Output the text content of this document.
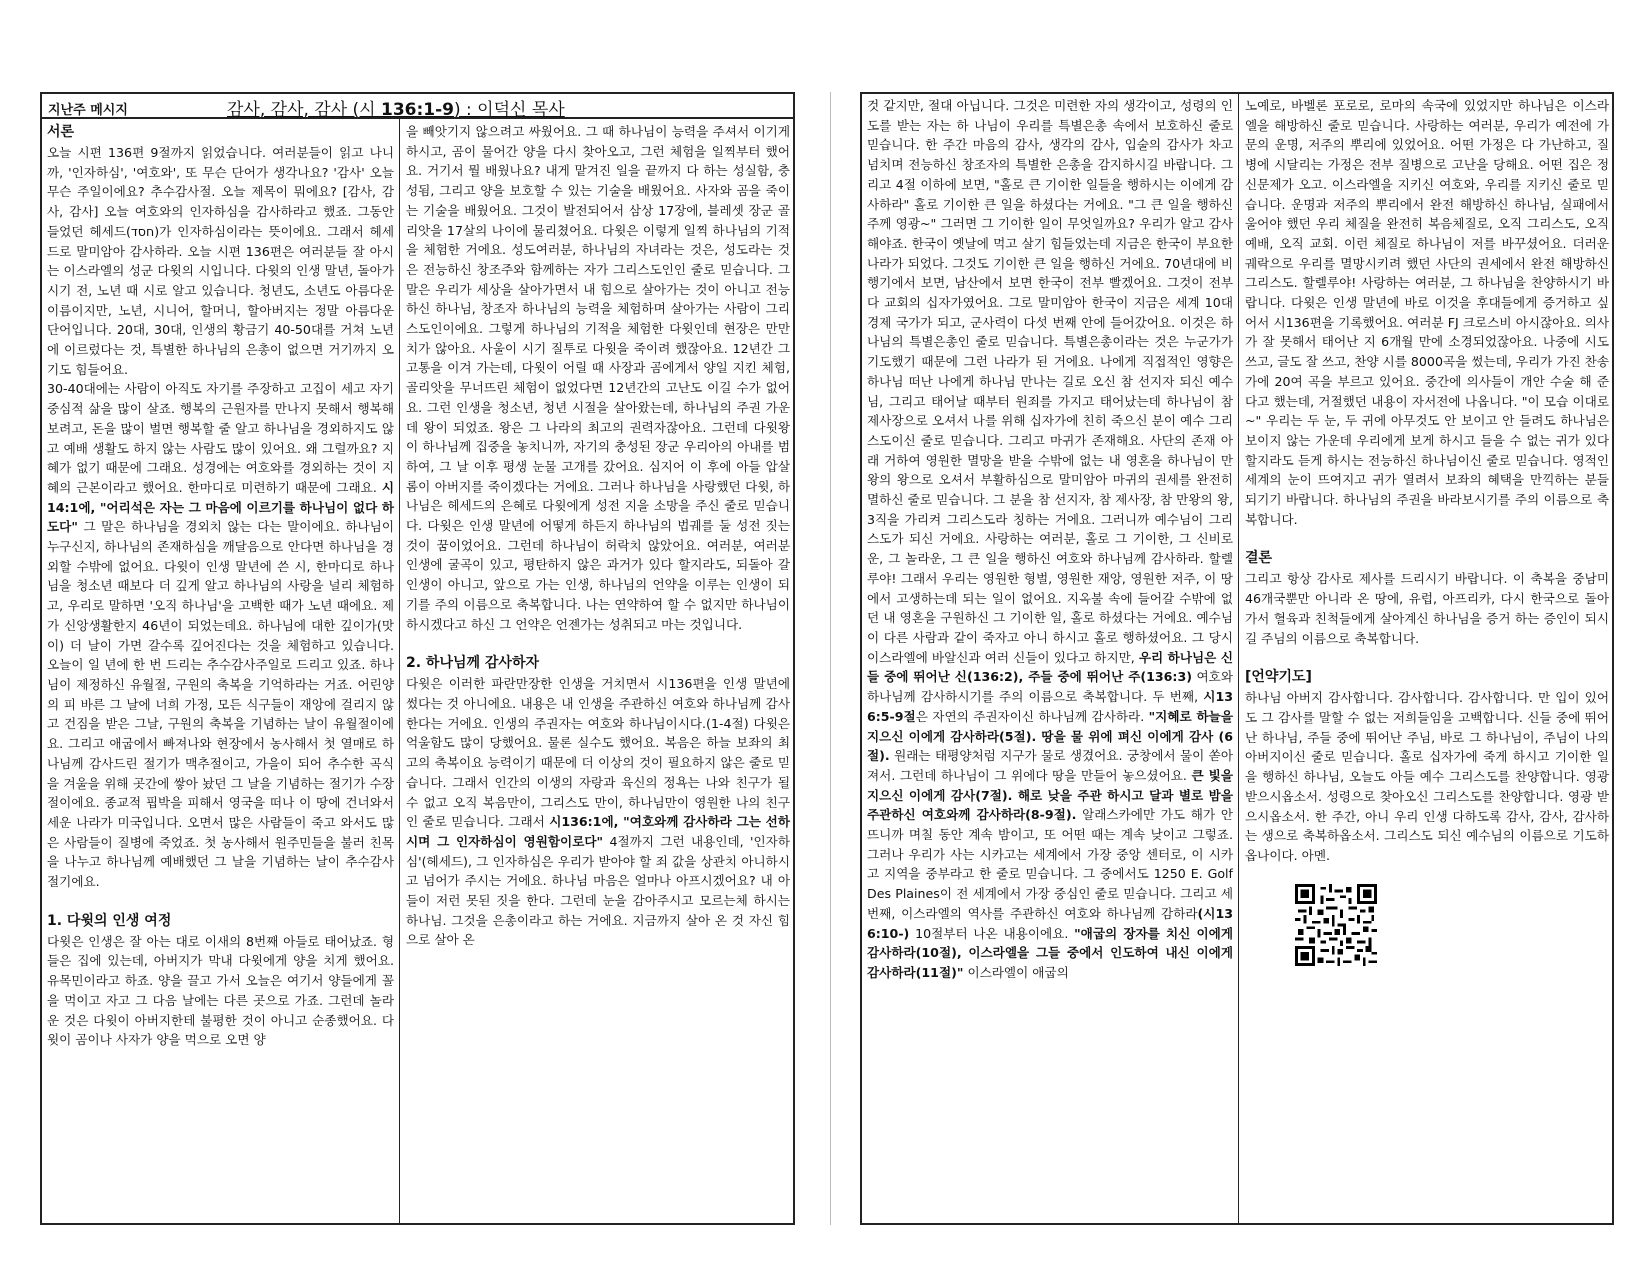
지난주 메시지	감사, 감사, 감사 (시 136:1-9) : 이덕신 목사
서론

오늘 시편 136편 9절까지 읽었습니다. 여러분들이 읽고 나니까, '인자하심', '여호와', 또 무슨 단어가 생각나요? '감사' 오늘 무슨 주일이에요? 추수감사절. 오늘 제목이 뭐에요? [감사, 감사, 감사] 오늘 여호와의 인자하심을 감사하라고 했죠. 그동안 들었던 헤세드(חסד)가 인자하심이라는 뜻이에요. 그래서 헤세드로 말미암아 감사하라. 오늘 시편 136편은 여러분들 잘 아시는 이스라엘의 성군 다윗의 시입니다. 다윗의 인생 말년, 돌아가시기 전, 노년 때 시로 알고 있습니다. 청년도, 소년도 아름다운 이름이지만, 노년, 시니어, 할머니, 할아버지는 정말 아름다운 단어입니다. 20대, 30대, 인생의 황금기 40-50대를 거쳐 노년에 이르렀다는 것, 특별한 하나님의 은총이 없으면 거기까지 오기도 힘들어요.

30-40대에는 사람이 아직도 자기를 주장하고 고집이 세고 자기중심적 삶을 많이 살죠. 행복의 근원자를 만나지 못해서 행복해 보려고, 돈을 많이 벌면 행복할 줄 알고 하나님을 경외하지도 않고 예배 생활도 하지 않는 사람도 많이 있어요. 왜 그럴까요? 지혜가 없기 때문에 그래요. 성경에는 여호와를 경외하는 것이 지혜의 근본이라고 했어요. 한마디로 미련하기 때문에 그래요. 시14:1에, "어리석은 자는 그 마음에 이르기를 하나님이 없다 하도다" 그 말은 하나님을 경외치 않는 다는 말이에요. 하나님이 누구신지, 하나님의 존재하심을 깨달음으로 안다면 하나님을 경외할 수밖에 없어요. 다윗이 인생 말년에 쓴 시, 한마디로 하나님을 청소년 때보다 더 깊게 알고 하나님의 사랑을 널리 체험하고, 우리로 말하면 '오직 하나님'을 고백한 때가 노년 때에요. 제가 신앙생활한지 46년이 되었는데요. 하나님에 대한 깊이가(맛이) 더 날이 가면 갈수록 깊어진다는 것을 체험하고 있습니다. 오늘이 일 년에 한 번 드리는 추수감사주일로 드리고 있죠. 하나님이 제정하신 유월절, 구원의 축복을 기억하라는 거죠. 어린양의 피 바른 그 날에 너희 가정, 모든 식구들이 재앙에 걸리지 않고 건짐을 받은 그날, 구원의 축복을 기념하는 날이 유월절이에요. 그리고 애굽에서 빠져나와 현장에서 농사해서 첫 열매로 하나님께 감사드린 절기가 맥추절이고, 가을이 되어 추수한 곡식을 겨울을 위해 곳간에 쌓아 놨던 그 날을 기념하는 절기가 수장절이에요. 종교적 핍박을 피해서 영국을 떠나 이 땅에 건너와서 세운 나라가 미국입니다. 오면서 많은 사람들이 죽고 와서도 많은 사람들이 질병에 죽었죠. 첫 농사해서 원주민들을 불러 친목을 나누고 하나님께 예배했던 그 날을 기념하는 날이 추수감사 절기에요.

1. 다윗의 인생 여정

다윗은 인생은 잘 아는 대로 이새의 8번째 아들로 태어났죠. 형들은 집에 있는데, 아버지가 막내 다윗에게 양을 치게 했어요. 유목민이라고 하죠. 양을 끌고 가서 오늘은 여기서 양들에게 꼴을 먹이고 자고 그 다음 날에는 다른 곳으로 가죠. 그런데 놀라운 것은 다윗이 아버지한테 불평한 것이 아니고 순종했어요. 다윗이 곰이나 사자가 양을 먹으로 오면 양

을 빼앗기지 않으려고 싸웠어요. 그 때 하나님이 능력을 주셔서 이기게 하시고, 곰이 물어간 양을 다시 찾아오고, 그런 체험을 일찍부터 했어요. 거기서 뭘 배웠나요? 내게 맡겨진 일을 끝까지 다 하는 성실함, 충성됨, 그리고 양을 보호할 수 있는 기술을 배웠어요. 사자와 곰을 죽이는 기술을 배웠어요. 그것이 발전되어서 삼상 17장에, 블레셋 장군 골리앗을 17살의 나이에 물리쳤어요. 다윗은 이렇게 일찍 하나님의 기적을 체험한 거에요. 성도여러분, 하나님의 자녀라는 것은, 성도라는 것은 전능하신 창조주와 함께하는 자가 그리스도인인 줄로 믿습니다. 그 말은 우리가 세상을 살아가면서 내 힘으로 살아가는 것이 아니고 전능하신 하나님, 창조자 하나님의 능력을 체험하며 살아가는 사람이 그리스도인이에요. 그렇게 하나님의 기적을 체험한 다윗인데 현장은 만만치가 않아요. 사울이 시기 질투로 다윗을 죽이려 했잖아요. 12년간 그 고통을 이겨 가는데, 다윗이 어릴 때 사장과 곰에게서 양일 지킨 체험, 골리앗을 무너뜨린 체험이 없었다면 12년간의 고난도 이길 수가 없어요. 그런 인생을 청소년, 청년 시절을 살아왔는데, 하나님의 주권 가운데 왕이 되었죠. 왕은 그 나라의 최고의 권력자잖아요. 그런데 다윗왕이 하나님께 집중을 놓치니까, 자기의 충성된 장군 우리아의 아내를 범하여, 그 날 이후 평생 눈물 고개를 갔어요. 심지어 이 후에 아들 압살롬이 아버지를 죽이겠다는 거에요. 그러나 하나님을 사랑했던 다윗, 하나님은 헤세드의 은혜로 다윗에게 성전 지을 소망을 주신 줄로 믿습니다. 다윗은 인생 말년에 어떻게 하든지 하나님의 법궤를 둘 성전 짓는 것이 꿈이었어요. 그런데 하나님이 허락치 않았어요. 여러분, 여러분 인생에 굴곡이 있고, 평탄하지 않은 과거가 있다 할지라도, 되돌아 갈 인생이 아니고, 앞으로 가는 인생, 하나님의 언약을 이루는 인생이 되기를 주의 이름으로 축복합니다. 나는 연약하여 할 수 없지만 하나님이 하시겠다고 하신 그 언약은 언젠가는 성취되고 마는 것입니다.

2. 하나님께 감사하자

다윗은 이러한 파란만장한 인생을 거치면서 시136편을 인생 말년에 썼다는 것 아니에요. 내용은 내 인생을 주관하신 여호와 하나님께 감사한다는 거에요. 인생의 주권자는 여호와 하나님이시다.(1-4절) 다윗은 억울함도 많이 당했어요. 물론 실수도 했어요. 복음은 하늘 보좌의 최고의 축복이요 능력이기 때문에 더 이상의 것이 필요하지 않은 줄로 믿습니다. 그래서 인간의 이생의 자랑과 육신의 정욕는 나와 친구가 될 수 없고 오직 복음만이, 그리스도 만이, 하나님만이 영원한 나의 친구인 줄로 믿습니다. 그래서 시136:1에, "여호와께 감사하라 그는 선하시며 그 인자하심이 영원함이로다" 4절까지 그런 내용인데, '인자하심'(헤세드), 그 인자하심은 우리가 받아야 할 죄 값을 상관치 아니하시고 넘어가 주시는 거에요. 하나님 마음은 얼마나 아프시겠어요? 내 아들이 저런 못된 짓을 한다. 그런데 눈을 감아주시고 모르는체 하시는 하나님. 그것을 은총이라고 하는 거에요. 지금까지 살아 온 것 자신 힘으로 살아 온

것 같지만, 절대 아닙니다. 그것은 미련한 자의 생각이고, 성령의 인도를 받는 자는 하 나님이 우리를 특별은총 속에서 보호하신 줄로 믿습니다. 한 주간 마음의 감사, 생각의 감사, 입술의 감사가 차고 넘치며 전능하신 창조자의 특별한 은총을 감지하시길 바랍니다. 그리고 4절 이하에 보면, "홀로 큰 기이한 일들을 행하시는 이에게 감사하라" 홀로 기이한 큰 일을 하셨다는 거에요. "그 큰 일을 행하신 주께 영광~" 그러면 그 기이한 일이 무엇일까요? 우리가 알고 감사해야죠. 한국이 옛날에 먹고 살기 힘들었는데 지금은 한국이 부요한 나라가 되었다. 그것도 기이한 큰 일을 행하신 거에요. 70년대에 비행기에서 보면, 남산에서 보면 한국이 전부 빨겠어요. 그것이 전부 다 교회의 십자가였어요. 그로 말미암아 한국이 지금은 세계 10대 경제 국가가 되고, 군사력이 다섯 번째 안에 들어갔어요. 이것은 하나님의 특별은총인 줄로 믿습니다. 특별은총이라는 것은 누군가가 기도했기 때문에 그런 나라가 된 거에요. 나에게 직접적인 영향은 하나님 떠난 나에게 하나님 만나는 길로 오신 참 선지자 되신 예수님, 그리고 태어날 때부터 원죄를 가지고 태어났는데 하나님이 참 제사장으로 오셔서 나를 위해 십자가에 친히 죽으신 분이 예수 그리스도이신 줄로 믿습니다. 그리고 마귀가 존재해요. 사단의 존재 아래 거하여 영원한 멸망을 받을 수밖에 없는 내 영혼을 하나님이 만왕의 왕으로 오셔서 부활하심으로 말미암아 마귀의 권세를 완전히 멸하신 줄로 믿습니다. 그 분을 참 선지자, 참 제사장, 참 만왕의 왕, 3직을 가리켜 그리스도라 칭하는 거에요. 그러니까 예수님이 그리스도가 되신 거에요. 사랑하는 여러분, 홀로 그 기이한, 그 신비로운, 그 놀라운, 그 큰 일을 행하신 여호와 하나님께 감사하라. 할렐루야! 그래서 우리는 영원한 형벌, 영원한 재앙, 영원한 저주, 이 땅에서 고생하는데 되는 일이 없어요. 지옥불 속에 들어갈 수밖에 없던 내 영혼을 구원하신 그 기이한 일, 홀로 하셨다는 거에요. 예수님이 다른 사람과 같이 죽자고 아니 하시고 홀로 행하셨어요. 그 당시 이스라엘에 바알신과 여러 신들이 있다고 하지만, 우리 하나님은 신들 중에 뛰어난 신(136:2), 주들 중에 뛰어난 주(136:3) 여호와 하나님께 감사하시기를 주의 이름으로 축복합니다. 두 번째, 시136:5-9절은 자연의 주권자이신 하나님께 감사하라. "지혜로 하늘을 지으신 이에게 감사하라(5절). 땅을 물 위에 펴신 이에게 감사 (6절). 원래는 태평양처럼 지구가 물로 생겼어요. 궁창에서 물이 쏟아져서. 그런데 하나님이 그 위에다 땅을 만들어 놓으셨어요. 큰 빛을 지으신 이에게 감사(7절). 해로 낮을 주관 하시고 달과 별로 밤을 주관하신 여호와께 감사하라(8-9절). 알래스카에만 가도 해가 안 뜨니까 며칠 동안 계속 밤이고, 또 어떤 때는 계속 낮이고 그렇죠. 그러나 우리가 사는 시카고는 세계에서 가장 중앙 센터로, 이 시카고 지역을 중부라고 한 줄로 믿습니다. 그 중에서도 1250 E. Golf Des Plaines이 전 세계에서 가장 중심인 줄로 믿습니다. 그리고 세 번째, 이스라엘의 역사를 주관하신 여호와 하나님께 감하라(시136:10-) 10절부터 나온 내용이에요. "애굽의 장자를 치신 이에게 감사하라(10절), 이스라엘을 그들 중에서 인도하여 내신 이에게 감사하라(11절)" 이스라엘이 애굽의

노예로, 바벨론 포로로, 로마의 속국에 있었지만 하나님은 이스라엘을 해방하신 줄로 믿습니다. 사랑하는 여러분, 우리가 예전에 가문의 운명, 저주의 뿌리에 있었어요. 어떤 가정은 다 가난하고, 질병에 시달리는 가정은 전부 질병으로 고난을 당해요. 어떤 집은 정신문제가 오고. 이스라엘을 지키신 여호와, 우리를 지키신 줄로 믿습니다. 운명과 저주의 뿌리에서 완전 해방하신 하나님, 실패에서 울어야 했던 우리 체질을 완전히 복음체질로, 오직 그리스도, 오직 예배, 오직 교회. 이런 체질로 하나님이 저를 바꾸셨어요. 더러운 궤락으로 우리를 멸망시키려 했던 사단의 권세에서 완전 해방하신 그리스도. 할렐루야! 사랑하는 여러분, 그 하나님을 찬양하시기 바랍니다. 다윗은 인생 말년에 바로 이것을 후대들에게 증거하고 싶어서 시136편을 기록했어요. 여러분 FJ 크로스비 아시잖아요. 의사가 잘 못해서 태어난 지 6개월 만에 소경되었잖아요. 나중에 시도 쓰고, 글도 잘 쓰고, 찬양 시를 8000곡을 썼는데, 우리가 가진 찬송가에 20여 곡을 부르고 있어요. 중간에 의사들이 개안 수술 해 준다고 했는데, 거절했던 내용이 자서전에 나옵니다. "이 모습 이대로 ~" 우리는 두 눈, 두 귀에 아무것도 안 보이고 안 들려도 하나님은 보이지 않는 가운데 우리에게 보게 하시고 들을 수 없는 귀가 있다 할지라도 듣게 하시는 전능하신 하나님이신 줄로 믿습니다. 영적인 세계의 눈이 뜨여지고 귀가 열려서 보좌의 혜택을 만끽하는 분들 되기기 바랍니다. 하나님의 주권을 바라보시기를 주의 이름으로 축복합니다.

결론

그리고 항상 감사로 제사를 드리시기 바랍니다. 이 축복을 중남미 46개국뿐만 아니라 온 땅에, 유럽, 아프리카, 다시 한국으로 돌아가서 혈육과 친척들에게 살아계신 하나님을 증거 하는 증인이 되시길 주님의 이름으로 축복합니다.

[언약기도]

하나님 아버지 감사합니다. 감사합니다. 감사합니다. 만 입이 있어도 그 감사를 말할 수 없는 저희들임을 고백합니다. 신들 중에 뛰어난 하나님, 주들 중에 뛰어난 주님, 바로 그 하나님이, 주님이 나의 아버지이신 줄로 믿습니다. 홀로 십자가에 죽게 하시고 기이한 일을 행하신 하나님, 오늘도 아들 예수 그리스도를 찬양합니다. 영광 받으시옵소서. 성령으로 찾아오신 그리스도를 찬양합니다. 영광 받으시옵소서. 한 주간, 아니 우리 인생 다하도록 감사, 감사, 감사하는 생으로 축복하옵소서. 그리스도 되신 예수님의 이름으로 기도하옵나이다. 아멘.
